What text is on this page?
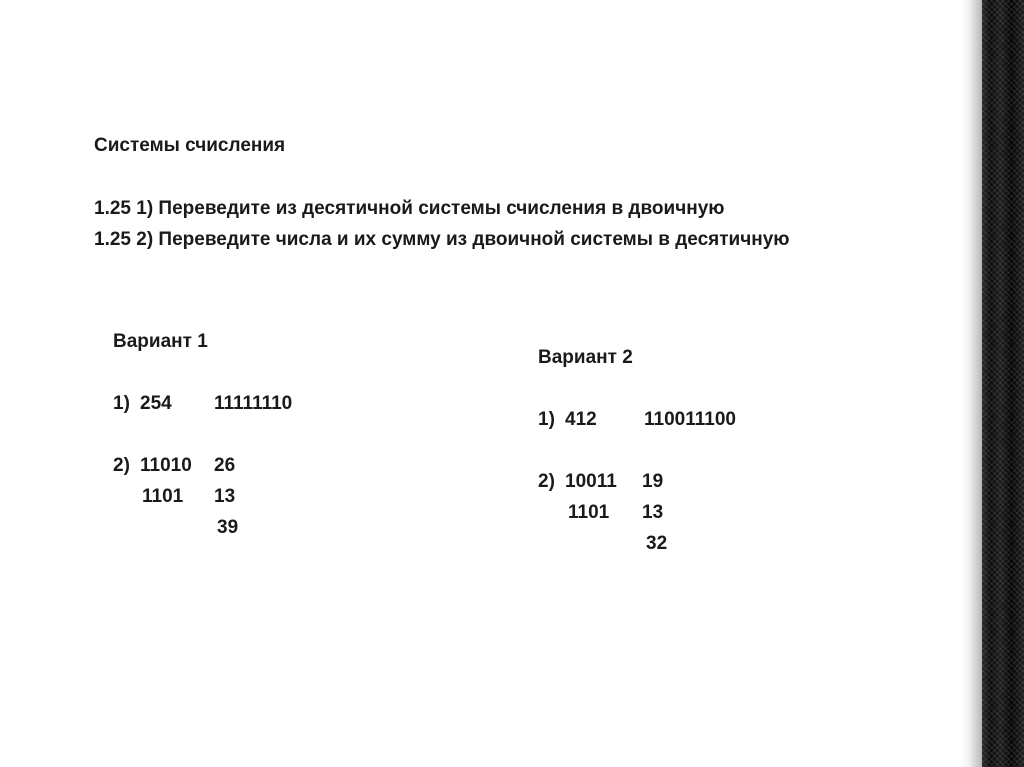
Системы счисления
1.25 1) Переведите из десятичной системы счисления в двоичную
1.25 2) Переведите числа и их сумму из двоичной системы в десятичную
Вариант 1

1)

254

11111110

2)

11010

26

1101

13

39

Вариант 2

1)

412

110011100

2)

10011

19

1101

13

32
